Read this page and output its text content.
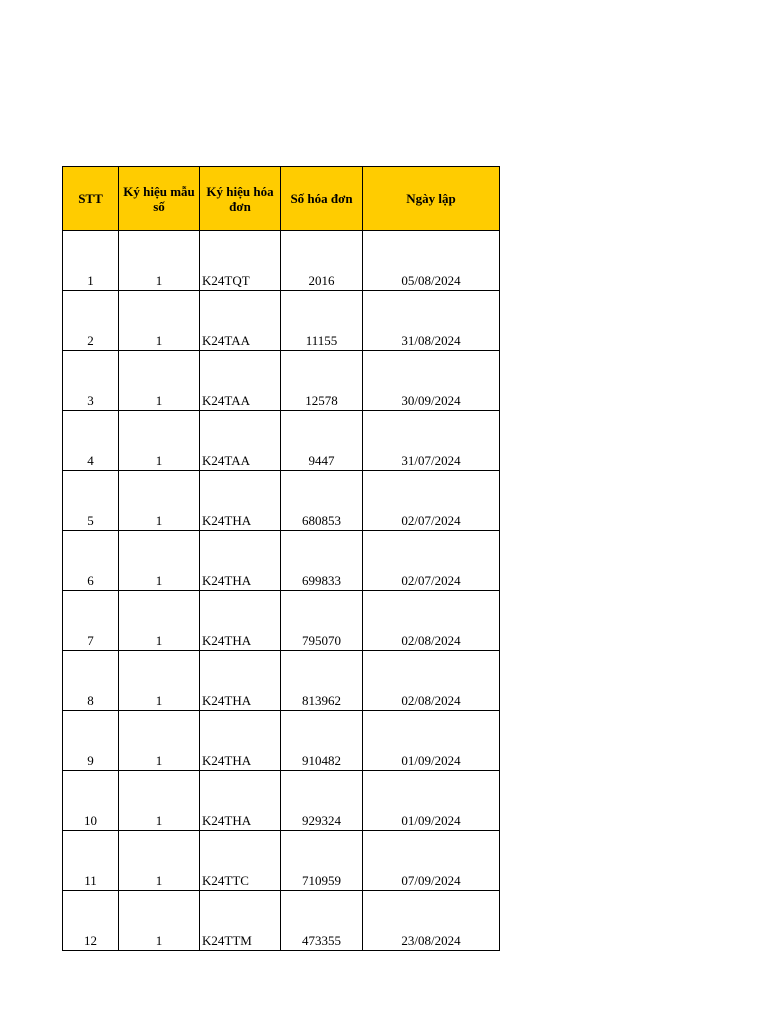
STT	Ký hiệu mẫu số	Ký hiệu hóa đơn	Số hóa đơn	Ngày lập
1	1	K24TQT	2016	05/08/2024
2	1	K24TAA	11155	31/08/2024
3	1	K24TAA	12578	30/09/2024
4	1	K24TAA	9447	31/07/2024
5	1	K24THA	680853	02/07/2024
6	1	K24THA	699833	02/07/2024
7	1	K24THA	795070	02/08/2024
8	1	K24THA	813962	02/08/2024
9	1	K24THA	910482	01/09/2024
10	1	K24THA	929324	01/09/2024
11	1	K24TTC	710959	07/09/2024
12	1	K24TTM	473355	23/08/2024
